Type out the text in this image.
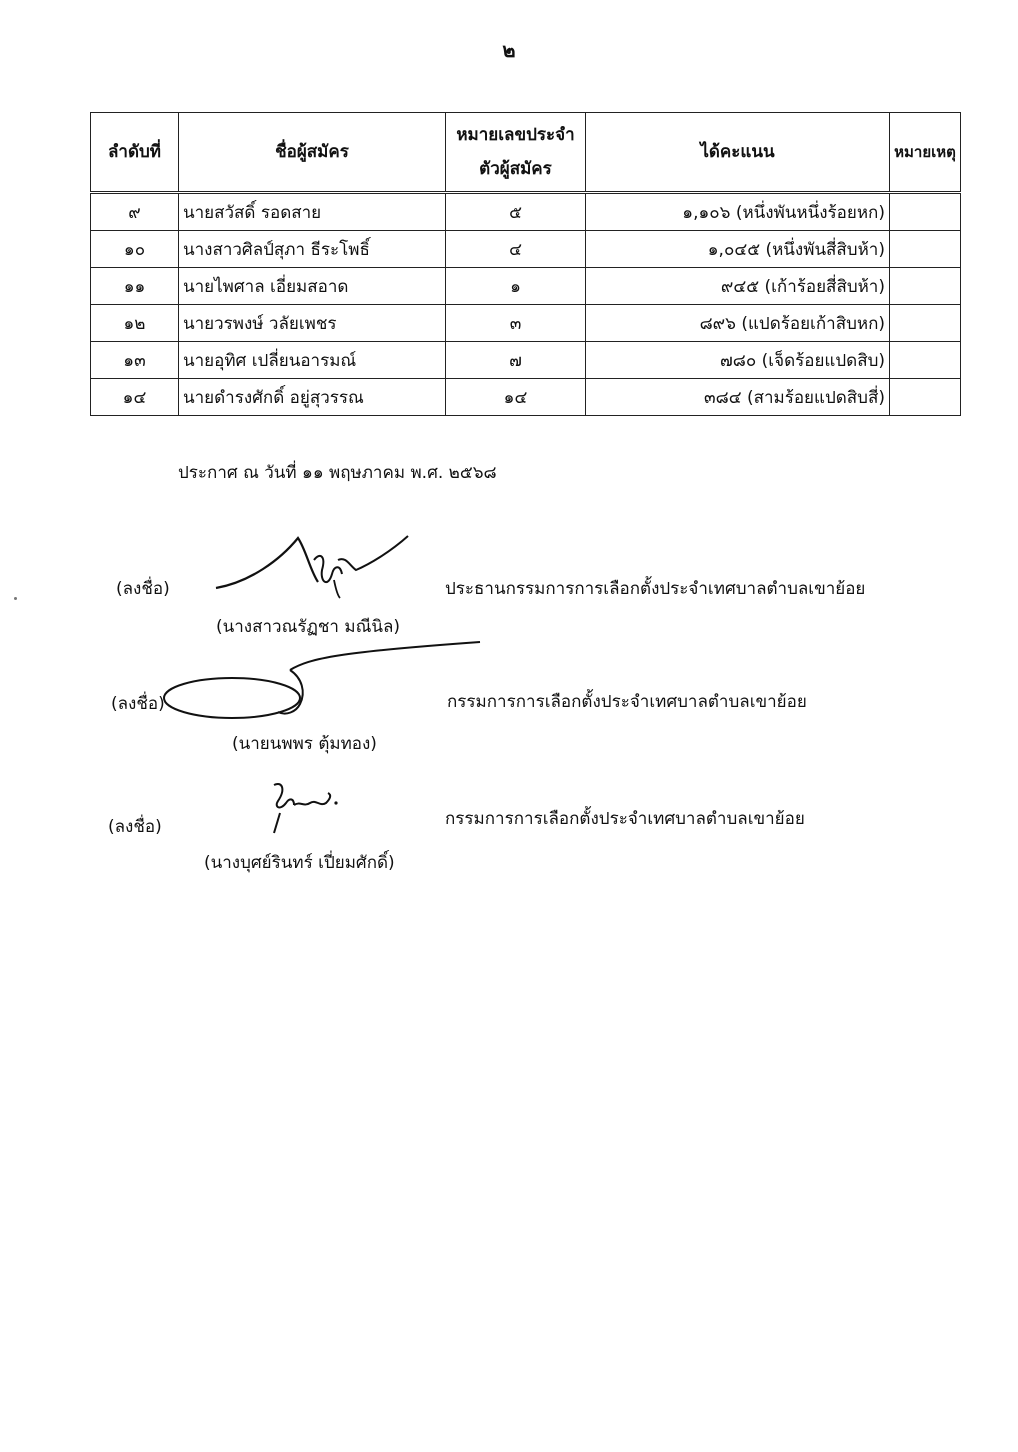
๒
ลำดับที่	ชื่อผู้สมัคร	หมายเลขประจำตัวผู้สมัคร	ได้คะแนน	หมายเหตุ
๙	นายสวัสดิ์ รอดสาย	๕	๑,๑๐๖ (หนึ่งพันหนึ่งร้อยหก)	
๑๐	นางสาวศิลป์สุภา ธีระโพธิ์	๔	๑,๐๔๕ (หนึ่งพันสี่สิบห้า)	
๑๑	นายไพศาล เอี่ยมสอาด	๑	๙๔๕ (เก้าร้อยสี่สิบห้า)	
๑๒	นายวรพงษ์ วลัยเพชร	๓	๘๙๖ (แปดร้อยเก้าสิบหก)	
๑๓	นายอุทิศ เปลี่ยนอารมณ์	๗	๗๘๐ (เจ็ดร้อยแปดสิบ)	
๑๔	นายดำรงศักดิ์ อยู่สุวรรณ	๑๔	๓๘๔ (สามร้อยแปดสิบสี่)	
ประกาศ ณ วันที่ ๑๑ พฤษภาคม พ.ศ. ๒๕๖๘
(ลงชื่อ)
(นางสาวณรัฏชา มณีนิล)
ประธานกรรมการการเลือกตั้งประจำเทศบาลตำบลเขาย้อย
(ลงชื่อ)
(นายนพพร ตุ้มทอง)
กรรมการการเลือกตั้งประจำเทศบาลตำบลเขาย้อย
(ลงชื่อ)
(นางบุศย์รินทร์ เปี่ยมศักดิ์)
กรรมการการเลือกตั้งประจำเทศบาลตำบลเขาย้อย
